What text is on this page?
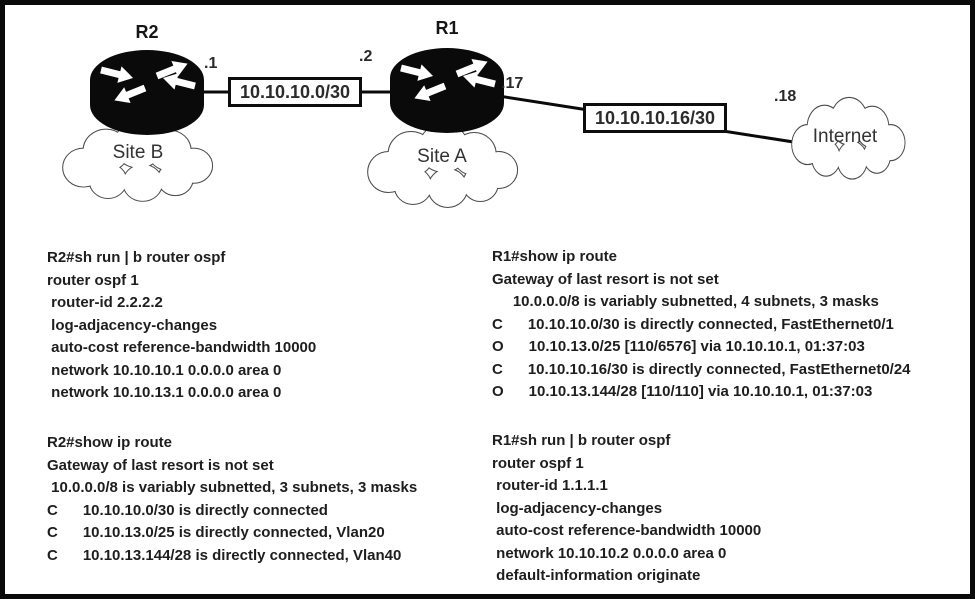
R2	R1
.1	.2
.17
.18
Site B	Site A
Internet
10.10.10.0/30
10.10.10.16/30
R2#sh run | b router ospf
router ospf 1
router-id 2.2.2.2
log-adjacency-changes
auto-cost reference-bandwidth 10000
network 10.10.10.1 0.0.0.0 area 0
network 10.10.13.1 0.0.0.0 area 0
R2#show ip route
Gateway of last resort is not set
10.0.0.0/8 is variably subnetted, 3 subnets, 3 masks
C      10.10.10.0/30 is directly connected
C      10.10.13.0/25 is directly connected, Vlan20
C      10.10.13.144/28 is directly connected, Vlan40
R1#show ip route
Gateway of last resort is not set
10.0.0.0/8 is variably subnetted, 4 subnets, 3 masks
C      10.10.10.0/30 is directly connected, FastEthernet0/1
O      10.10.13.0/25 [110/6576] via 10.10.10.1, 01:37:03
C      10.10.10.16/30 is directly connected, FastEthernet0/24
O      10.10.13.144/28 [110/110] via 10.10.10.1, 01:37:03
R1#sh run | b router ospf
router ospf 1
router-id 1.1.1.1
log-adjacency-changes
auto-cost reference-bandwidth 10000
network 10.10.10.2 0.0.0.0 area 0
default-information originate
